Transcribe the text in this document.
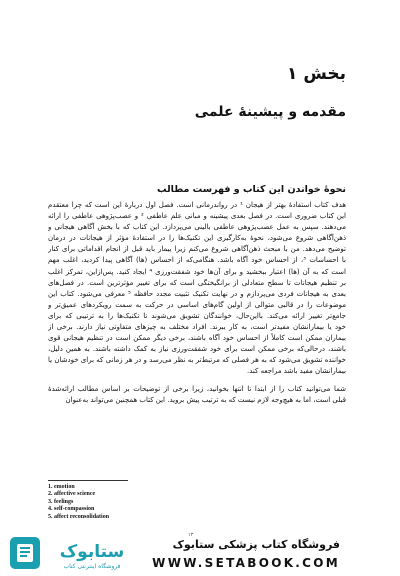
بخش ۱
مقدمه و پیشینهٔ علمی
نحوهٔ خواندن این کتاب و فهرست مطالب
هدف کتاب استفادهٔ بهتر از هیجان ¹ در رواندرمانی است. فصل اول دربارهٔ این است که چرا معتقدم
این کتاب ضروری است. در فصل بعدی پیشینه و مبانی علم عاطفی ² و عصب‌پژوهی عاطفی را ارائه
می‌دهند. سپس به عمل عصب‌پژوهی عاطفی بالینی می‌پردازد. این کتاب که با بخش آگاهی هیجانی و
ذهن‌آگاهی شروع می‌شود، نحوهٔ به‌کارگیری این تکنیک‌ها را در استفادهٔ مؤثر از هیجانات در درمان
توضیح می‌دهد. من با مبحث ذهن‌آگاهی شروع می‌کنم زیرا بیمار باید قبل از انجام اقداماتی برای کنار
با احساسات ³، از احساس خود آگاه باشد. هنگامی‌که از احساس (ها) آگاهی پیدا کردید، اغلب مهم
است که به آن (ها) اعتبار ببخشید و برای آن‌ها خود شفقت‌ورزی ⁴ ایجاد کنید. پس‌ازاین، تمرکز اغلب
بر تنظیم هیجانات تا سطح متعادلی از برانگیختگی است که برای تغییر مؤثرترین است. در فصل‌های
بعدی به هیجانات فردی می‌پردازم و در نهایت تکنیک تثبیت مجدد حافظه ⁵ معرفی می‌شود. کتاب این
موضوعات را در قالبی متوالی از اولین گام‌های اساسی در حرکت به سمت رویکردهای عمیق‌تر و
جامع‌تر تغییر ارائه می‌کند. بااین‌حال، خوانندگان تشویق می‌شوند تا تکنیک‌ها را به ترتیبی که برای
خود یا بیمارانشان مفیدتر است، به کار ببرند. افراد مختلف به چیزهای متفاوتی نیاز دارند. برخی از
بیماران ممکن است کاملاً از احساس خود آگاه باشند، برخی دیگر ممکن است در تنظیم هیجانی قوی
باشند، درحالی‌که برخی ممکن است برای خود شفقت‌ورزی نیاز به کمک داشته باشند. به همین دلیل،
خواننده تشویق می‌شود که به هر فصلی که مرتبط‌تر به نظر می‌رسد و در هر زمانی که برای خودشان یا
بیمارانشان مفید باشد مراجعه کند.
شما می‌توانید کتاب را از ابتدا تا انتها بخوانید، زیرا برخی از توضیحات بر اساس مطالب ارائه‌شدهٔ
قبلی است، اما به هیچ‌وجه لازم نیست که به ترتیب پیش بروید. این کتاب همچنین می‌تواند به‌عنوان
1. emotion
2. affective science
3. feelings
4. self-compassion
5. affect reconsolidation
۱۳
ستابوک
فروشگاه اینترنتی کتاب
فروشگاه کتاب پزشکی ستابوک
WWW.SETABOOK.COM
